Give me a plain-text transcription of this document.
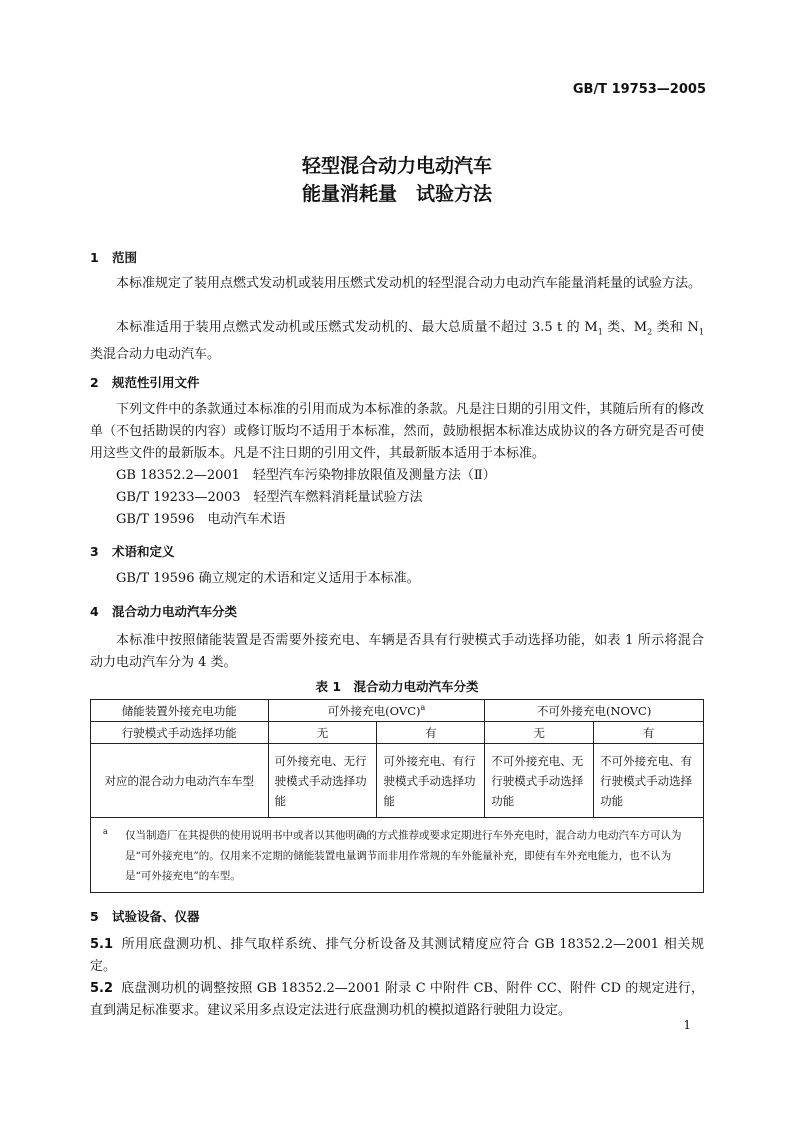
GB/T 19753—2005
轻型混合动力电动汽车
能量消耗量　试验方法
1 范围
本标准规定了装用点燃式发动机或装用压燃式发动机的轻型混合动力电动汽车能量消耗量的试验方法。
本标准适用于装用点燃式发动机或压燃式发动机的、最大总质量不超过 3.5 t 的 $M_1$ 类、$M_2$ 类和 $N_1$ 类混合动力电动汽车。
2 规范性引用文件
下列文件中的条款通过本标准的引用而成为本标准的条款。凡是注日期的引用文件，其随后所有的修改单（不包括勘误的内容）或修订版均不适用于本标准，然而，鼓励根据本标准达成协议的各方研究是否可使用这些文件的最新版本。凡是不注日期的引用文件，其最新版本适用于本标准。
GB 18352.2—2001　轻型汽车污染物排放限值及测量方法（Ⅱ）
GB/T 19233—2003　轻型汽车燃料消耗量试验方法
GB/T 19596　电动汽车术语
3 术语和定义
GB/T 19596 确立规定的术语和定义适用于本标准。
4 混合动力电动汽车分类
本标准中按照储能装置是否需要外接充电、车辆是否具有行驶模式手动选择功能，如表 1 所示将混合动力电动汽车分为 4 类。
表 1　混合动力电动汽车分类
储能装置外接充电功能	可外接充电(OVC)$^a$		不可外接充电(NOVC)	
行驶模式手动选择功能	无	有	无	有
对应的混合动力电动汽车车型	可外接充电、无行驶模式手动选择功能	可外接充电、有行驶模式手动选择功能	不可外接充电、无行驶模式手动选择功能	不可外接充电、有行驶模式手动选择功能

$^a$ 仅当制造厂在其提供的使用说明书中或者以其他明确的方式推荐或要求定期进行车外充电时，混合动力电动汽车方可认为是“可外接充电”的。仅用来不定期的储能装置电量调节而非用作常规的车外能量补充，即使有车外充电能力，也不认为是“可外接充电”的车型。				
5 试验设备、仪器
5.1 所用底盘测功机、排气取样系统、排气分析设备及其测试精度应符合 GB 18352.2—2001 相关规定。
5.2 底盘测功机的调整按照 GB 18352.2—2001 附录 C 中附件 CB、附件 CC、附件 CD 的规定进行，直到满足标准要求。建议采用多点设定法进行底盘测功机的模拟道路行驶阻力设定。
1
